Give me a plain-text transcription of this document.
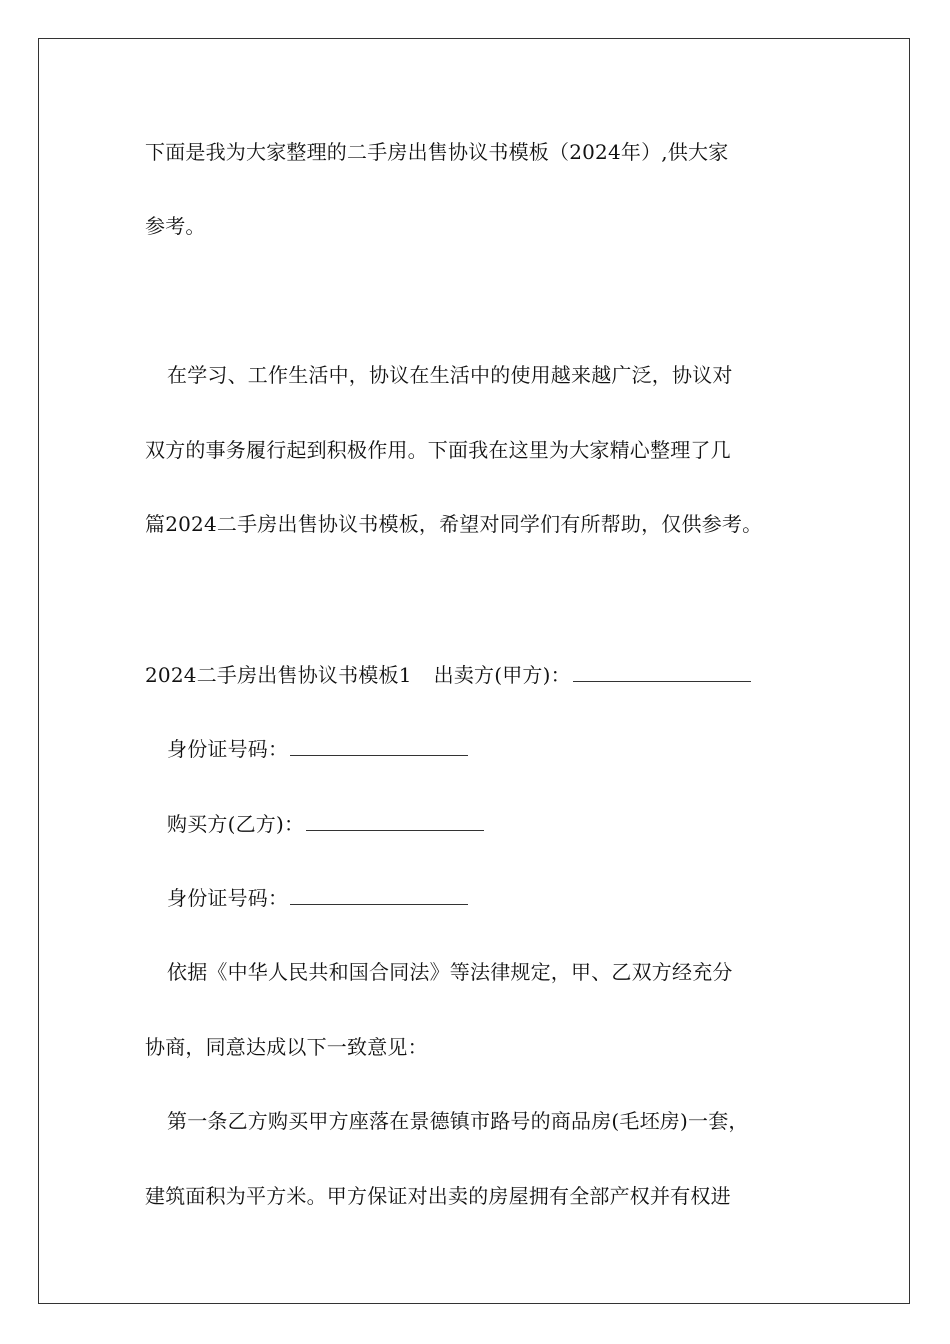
下面是我为大家整理的二手房出售协议书模板（2024年）,供大家
参考。
在学习、工作生活中，协议在生活中的使用越来越广泛，协议对
双方的事务履行起到积极作用。下面我在这里为大家精心整理了几
篇2024二手房出售协议书模板，希望对同学们有所帮助，仅供参考。
2024二手房出售协议书模板1 出卖方(甲方)：
身份证号码：
购买方(乙方)：
身份证号码：
依据《中华人民共和国合同法》等法律规定，甲、乙双方经充分
协商，同意达成以下一致意见：
第一条乙方购买甲方座落在景德镇市路号的商品房(毛坯房)一套，
建筑面积为平方米。甲方保证对出卖的房屋拥有全部产权并有权进
